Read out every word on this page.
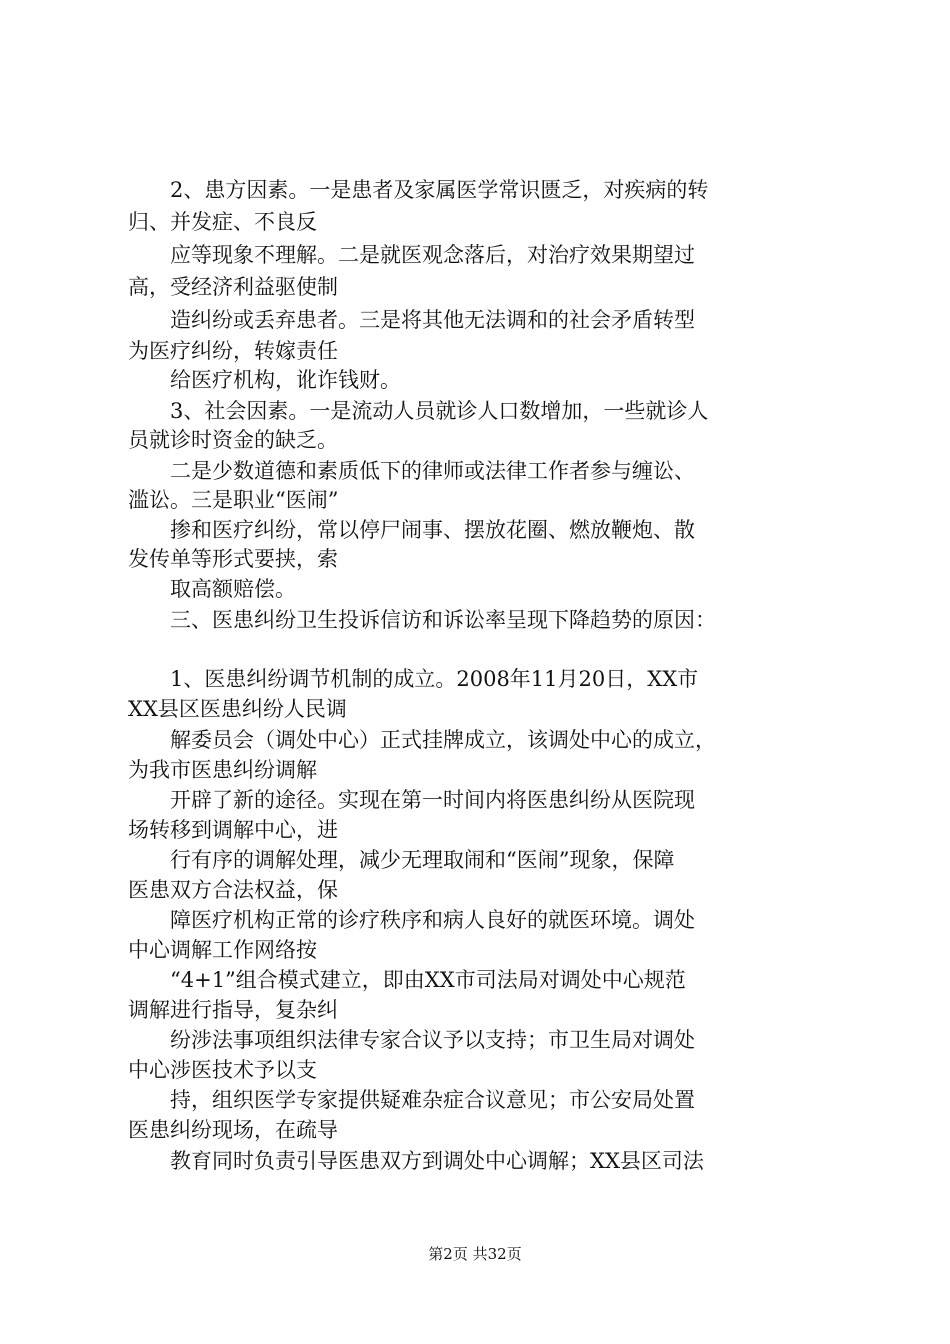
　　2、患方因素。一是患者及家属医学常识匮乏，对疾病的转
归、并发症、不良反
　　应等现象不理解。二是就医观念落后，对治疗效果期望过
高，受经济利益驱使制
　　造纠纷或丢弃患者。三是将其他无法调和的社会矛盾转型
为医疗纠纷，转嫁责任
　　给医疗机构，讹诈钱财。
　　3、社会因素。一是流动人员就诊人口数增加，一些就诊人
员就诊时资金的缺乏。
　　二是少数道德和素质低下的律师或法律工作者参与缠讼、
滥讼。三是职业“医闹”
　　掺和医疗纠纷，常以停尸闹事、摆放花圈、燃放鞭炮、散
发传单等形式要挟，索
　　取高额赔偿。
　　三、医患纠纷卫生投诉信访和诉讼率呈现下降趋势的原因：
　　1、医患纠纷调节机制的成立。2008年11月20日，XX市
XX县区医患纠纷人民调
　　解委员会（调处中心）正式挂牌成立，该调处中心的成立，
为我市医患纠纷调解
　　开辟了新的途径。实现在第一时间内将医患纠纷从医院现
场转移到调解中心，进
　　行有序的调解处理，减少无理取闹和“医闹”现象，保障
医患双方合法权益，保
　　障医疗机构正常的诊疗秩序和病人良好的就医环境。调处
中心调解工作网络按
　　“4+1”组合模式建立，即由XX市司法局对调处中心规范
调解进行指导，复杂纠
　　纷涉法事项组织法律专家合议予以支持；市卫生局对调处
中心涉医技术予以支
　　持，组织医学专家提供疑难杂症合议意见；市公安局处置
医患纠纷现场，在疏导
　　教育同时负责引导医患双方到调处中心调解；XX县区司法
第2页 共32页
